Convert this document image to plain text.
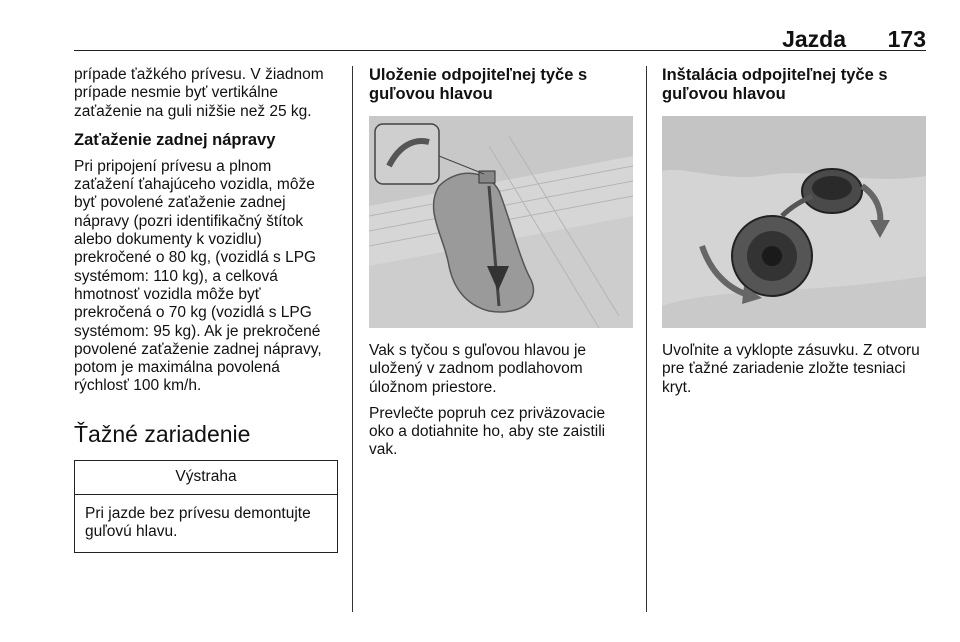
Jazda 173

prípade ťažkého prívesu. V žiadnom
prípade nesmie byť vertikálne
zaťaženie na guli nižšie než 25 kg.

Zaťaženie zadnej nápravy

Pri pripojení prívesu a plnom
zaťažení ťahajúceho vozidla, môže
byť povolené zaťaženie zadnej
nápravy (pozri identifikačný štítok
alebo dokumenty k vozidlu)
prekročené o 80 kg, (vozidlá s LPG
systémom: 110 kg), a celková
hmotnosť vozidla môže byť
prekročená o 70 kg (vozidlá s LPG
systémom: 95 kg). Ak je prekročené
povolené zaťaženie zadnej nápravy,
potom je maximálna povolená
rýchlosť 100 km/h.

Ťažné zariadenie
Výstraha
Pri jazde bez prívesu demontujte
guľovú hlavu.
Uloženie odpojiteľnej tyče s
guľovou hlavou

Vak s tyčou s guľovou hlavou je
uložený v zadnom podlahovom
úložnom priestore.

Prevlečte popruh cez priväzovacie
oko a dotiahnite ho, aby ste zaistili
vak.

Inštalácia odpojiteľnej tyče s
guľovou hlavou

Uvoľnite a vyklopte zásuvku. Z otvoru
pre ťažné zariadenie zložte tesniaci
kryt.
